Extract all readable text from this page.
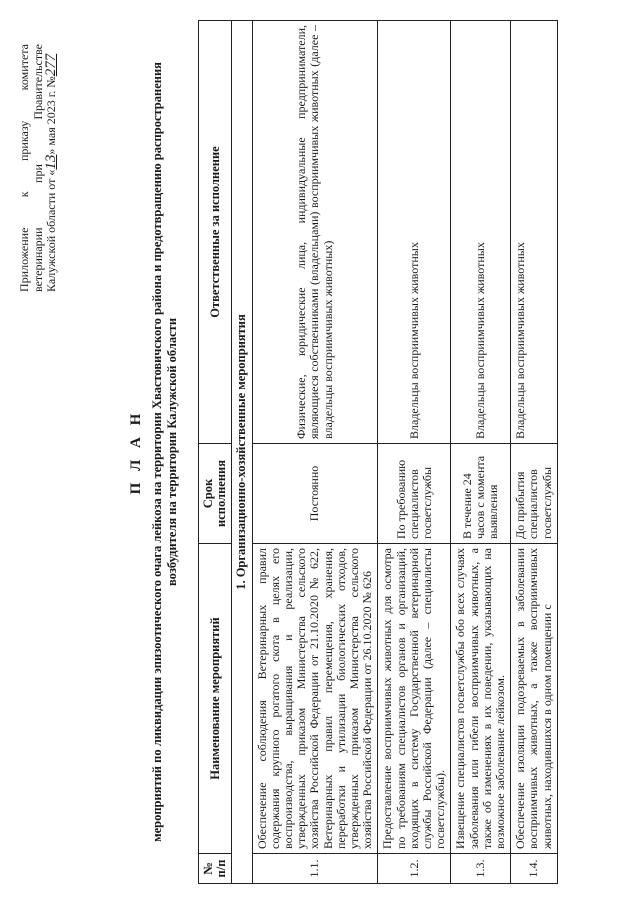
Приложение
к
приказу
комитета
ветеринарии
при
Правительстве
Калужской области от «13» мая 2023 г. №277
П Л А Н мероприятий по ликвидации эпизоотического очага лейкоза на территории Хвастовичского района и предотвращению распространения возбудителя на территории Калужской области
№ п/п	Наименование мероприятий	Срок исполнения	Ответственные за исполнение
1. Организационно-хозяйственные мероприятия			
1.1.	Обеспечение соблюдения Ветеринарных правил содержания крупного рогатого скота в целях его воспроизводства, выращивания и реализации, утвержденных приказом Министерства сельского хозяйства Российской Федерации от 21.10.2020 № 622, Ветеринарных правил перемещения, хранения, переработки и утилизации биологических отходов, утвержденных приказом Министерства сельского хозяйства Российской Федерации от 26.10.2020 № 626	Постоянно	Физические, юридические лица, индивидуальные предприниматели, являющиеся собственниками (владельцами) восприимчивых животных (далее – владельцы восприимчивых животных)
1.2.	Предоставление восприимчивых животных для осмотра по требованиям специалистов органов и организаций, входящих в систему Государственной ветеринарной службы Российской Федерации (далее – специалисты госветслужбы).	По требованию специалистов госветслужбы	Владельцы восприимчивых животных
1.3.	Извещение специалистов госветслужбы обо всех случаях заболевания или гибели восприимчивых животных, а также об изменениях в их поведении, указывающих на возможное заболевание лейкозом.	В течение 24 часов с момента выявления	Владельцы восприимчивых животных
1.4.	Обеспечение изоляции подозреваемых в заболевании восприимчивых животных, а также восприимчивых животных, находившихся в одном помещении с	До прибытия специалистов госветслужбы	Владельцы восприимчивых животных
